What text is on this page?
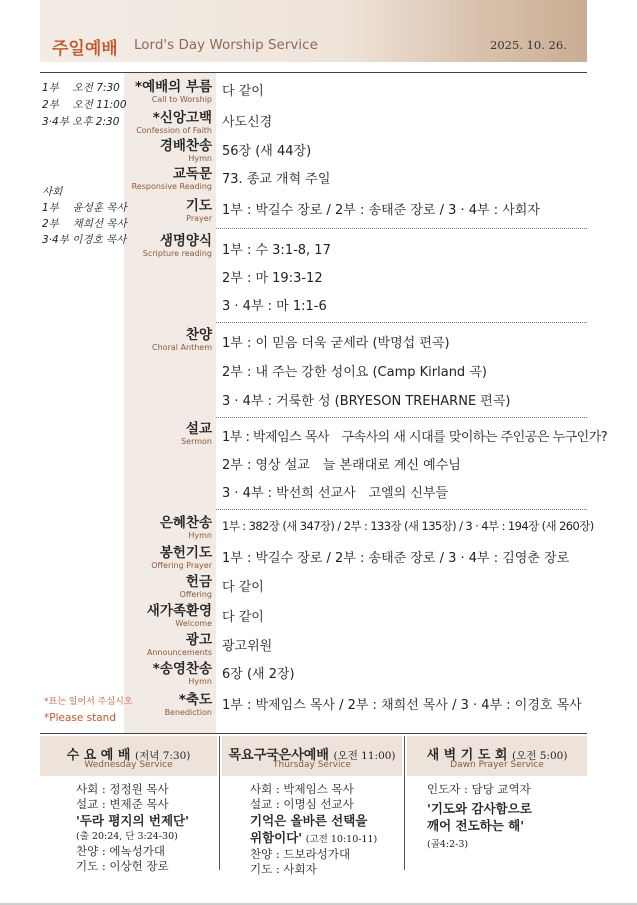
주일예배 Lord's Day Worship Service	2025. 10. 26.
1부　 오전 7:30
2부　 오전 11:00
3·4부 오후 2:30
사회
1부　 윤성훈 목사
2부　 채희선 목사
3·4부 이경호 목사
*표는 일어서 주십시오
*Please stand
*예배의 부름
Call to Worship
다 같이
*신앙고백
Confession of Faith
사도신경
경배찬송
Hymn 56장 (새 44장)
교독문
Responsive Reading 73. 종교 개혁 주일
기도
Prayer
1부 : 박길수 장로 / 2부 : 송태준 장로 / 3 · 4부 : 사회자
생명양식
Scripture reading 1부 : 수 3:1-8, 17
2부 : 마 19:3-12
3 · 4부 : 마 1:1-6
찬양
Choral Anthem 1부 : 이 믿음 더욱 굳세라 (박명섭 편곡)
2부 : 내 주는 강한 성이요 (Camp Kirland 곡)
3 · 4부 : 거룩한 성 (BRYESON TREHARNE 편곡)
설교
Sermon 1부 : 박제임스 목사　구속사의 새 시대를 맞이하는 주인공은 누구인가?
2부 : 영상 설교　늘 본래대로 계신 예수님
3 · 4부 : 박선희 선교사　고엘의 신부들
은혜찬송
Hymn
1부 : 382장 (새 347장) / 2부 : 133장 (새 135장) / 3 · 4부 : 194장 (새 260장)
봉헌기도
Offering Prayer 1부 : 박길수 장로 / 2부 : 송태준 장로 / 3 · 4부 : 김영춘 장로
헌금
Offering 다 같이
새가족환영
Welcome 다 같이
광고
Announcements 광고위원
*송영찬송
Hymn 6장 (새 2장)
*축도
Benediction 1부 : 박제임스 목사 / 2부 : 채희선 목사 / 3 · 4부 : 이경호 목사
수 요 예 배 (저녁 7:30)
Wednesday Service
목요구국은사예배 (오전 11:00)
Thursday Service
새 벽 기 도 회 (오전 5:00)
Dawn Prayer Service
사회 : 정정원 목사
설교 : 변제준 목사
'두라 평지의 번제단'
(출 20:24, 단 3:24-30)
찬양 : 에녹성가대
기도 : 이상헌 장로
사회 : 박제임스 목사
설교 : 이명심 선교사
기억은 올바른 선택을
위함이다' (고전 10:10-11)
찬양 : 드보라성가대
기도 : 사회자
인도자 : 담당 교역자
'기도와 감사함으로
깨어 전도하는 해'
(골4:2-3)
